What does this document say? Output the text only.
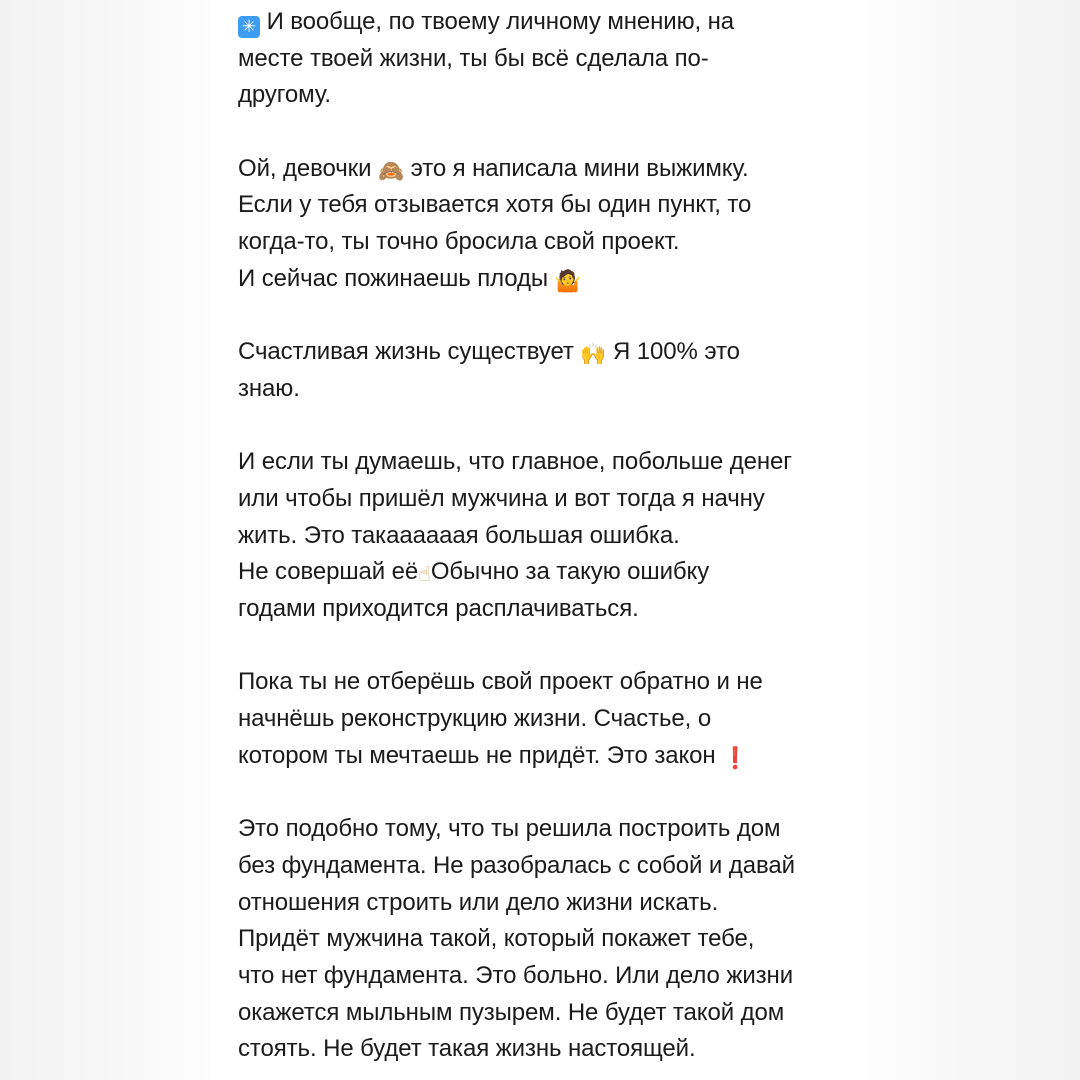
✳ И вообще, по твоему личному мнению, на
месте твоей жизни, ты бы всё сделала по-
другому.
Ой, девочки 🙈 это я написала мини выжимку.
Если у тебя отзывается хотя бы один пункт, то
когда-то, ты точно бросила свой проект.
И сейчас пожинаешь плоды 🤷
Счастливая жизнь существует 🙌 Я 100% это
знаю.
И если ты думаешь, что главное, побольше денег
или чтобы пришёл мужчина и вот тогда я начну
жить. Это такаааааая большая ошибка.
Не совершай её☝Обычно за такую ошибку
годами приходится расплачиваться.
Пока ты не отберёшь свой проект обратно и не
начнёшь реконструкцию жизни. Счастье, о
котором ты мечтаешь не придёт. Это закон ❗
Это подобно тому, что ты решила построить дом
без фундамента. Не разобралась с собой и давай
отношения строить или дело жизни искать.
Придёт мужчина такой, который покажет тебе,
что нет фундамента. Это больно. Или дело жизни
окажется мыльным пузырем. Не будет такой дом
стоять. Не будет такая жизнь настоящей.
